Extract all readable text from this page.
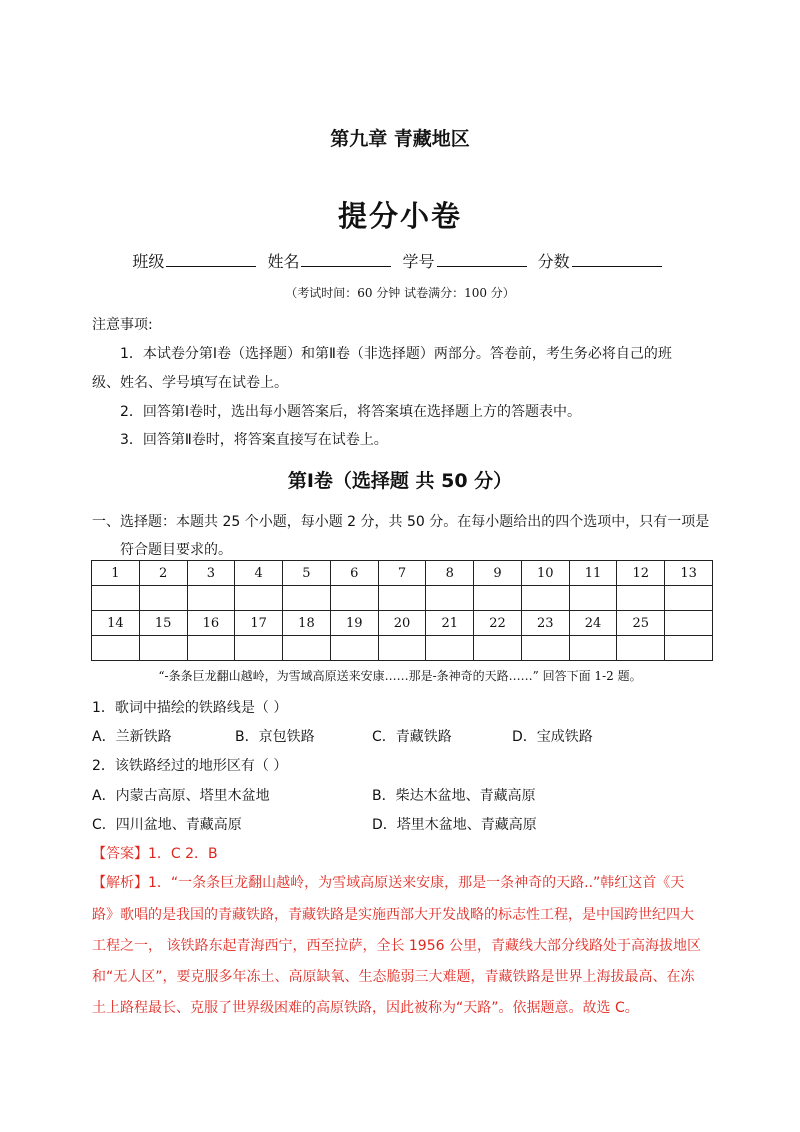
第九章 青藏地区
提分小卷
班级	姓名	学号	分数
（考试时间：60 分钟 试卷满分：100 分）
注意事项:
1．本试卷分第Ⅰ卷（选择题）和第Ⅱ卷（非选择题）两部分。答卷前，考生务必将自己的班
级、姓名、学号填写在试卷上。
2．回答第Ⅰ卷时，选出每小题答案后，将答案填在选择题上方的答题表中。
3．回答第Ⅱ卷时，将答案直接写在试卷上。
第Ⅰ卷（选择题 共 50 分）
一、选择题：本题共 25 个小题，每小题 2 分，共 50 分。在每小题给出的四个选项中，只有一项是
符合题目要求的。
1	2	3	4	5	6	7	8	9	10	11	12	13

14	15	16	17	18	19	20	21	22	23	24	25	

“-条条巨龙翻山越岭，为雪域高原送来安康……那是-条神奇的天路……” 回答下面 1-2 题。
1．歌词中描绘的铁路线是（ ）
A．兰新铁路	B．京包铁路	C．青藏铁路	D．宝成铁路
2．该铁路经过的地形区有（ ）
A．内蒙古高原、塔里木盆地	B．柴达木盆地、青藏高原
C．四川盆地、青藏高原	D．塔里木盆地、青藏高原
【答案】1．C 2．B
【解析】1．“一条条巨龙翻山越岭，为雪域高原送来安康，那是一条神奇的天路..”韩红这首《天
路》歌唱的是我国的青藏铁路，青藏铁路是实施西部大开发战略的标志性工程，是中国跨世纪四大
工程之一， 该铁路东起青海西宁，西至拉萨，全长 1956 公里，青藏线大部分线路处于高海拔地区
和“无人区”，要克服多年冻土、高原缺氧、生态脆弱三大难题，青藏铁路是世界上海拔最高、在冻
土上路程最长、克服了世界级困难的高原铁路，因此被称为“天路”。依据题意。故选 C。
